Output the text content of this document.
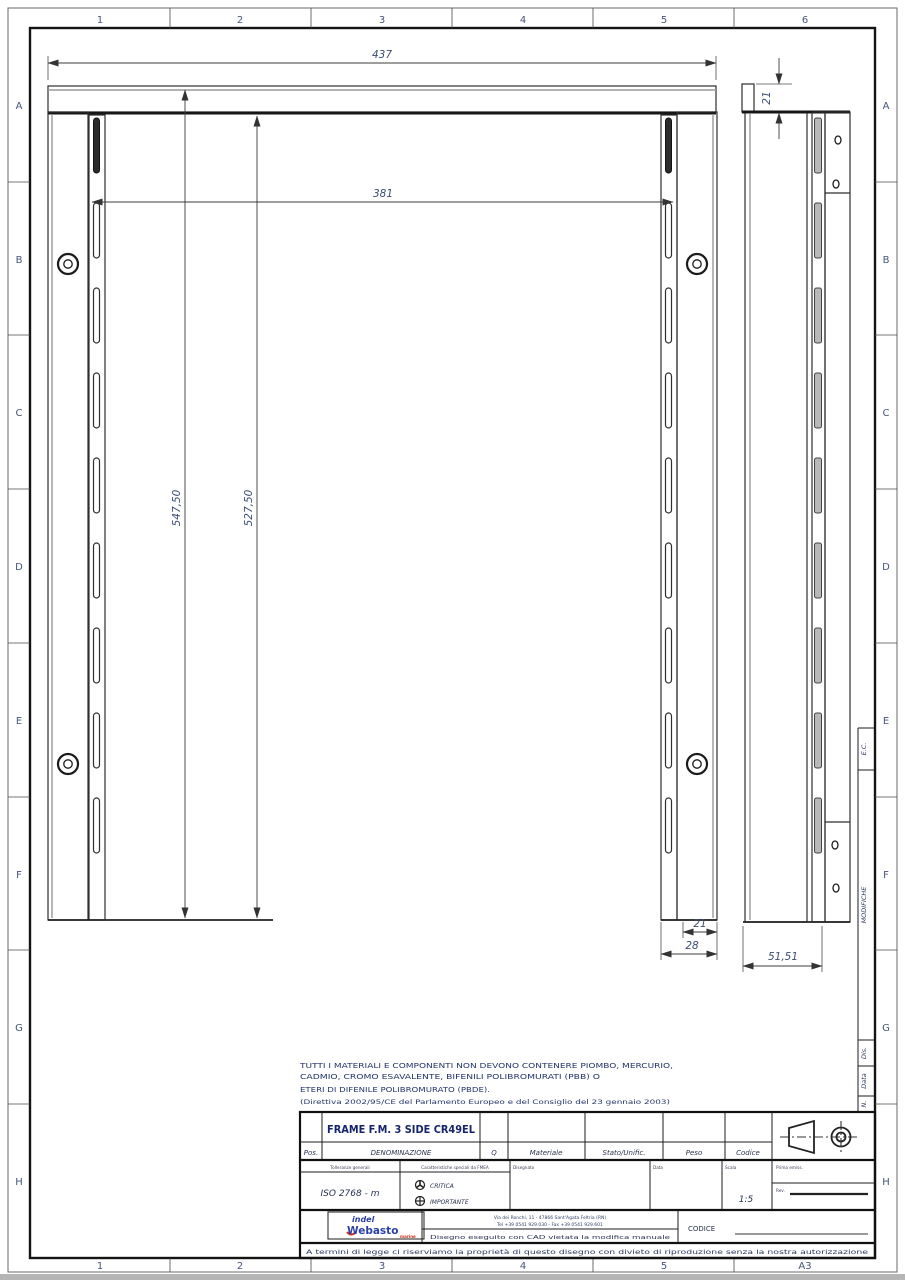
1	2	3	4	5	6
1	2	3	4	5	A3
A
B
C
D
E
F
G
H
A
B
C
D
E
F
G
H
437
381
547,50	527,50
21
21
28
51,51
TUTTI I MATERIALI E COMPONENTI NON DEVONO CONTENERE PIOMBO, MERCURIO,
CADMIO, CROMO ESAVALENTE, BIFENILI POLIBROMURATI (PBB) O
ETERI DI DIFENILE POLIBROMURATO (PBDE).
(Direttiva 2002/95/CE del Parlamento Europeo e del Consiglio del 23 gennaio 2003)
E.C.
MODIFICHE
Dis.
Data
N.
FRAME F.M. 3 SIDE CR49EL
Pos.	DENOMINAZIONE	Q	Materiale	Stato/Unific.	Peso	Codice
Tolleranze generali
ISO 2768 - m
Caratteristiche speciali da FMEA
CRITICA
IMPORTANTE
Disegnato	Data	Scala
1:5
Prima emiss.
Rev.
indel
Webasto marine
Via dei Ronchi, 11 - 47866 Sant'Agata Feltria (RN)
Tel +39 0541 929.030 - Fax +39 0541 929.601
Disegno eseguito con CAD vietata la modifica manuale
CODICE
A termini di legge ci riserviamo la proprietà di questo disegno con divieto di riproduzione senza la nostra autorizzazione
